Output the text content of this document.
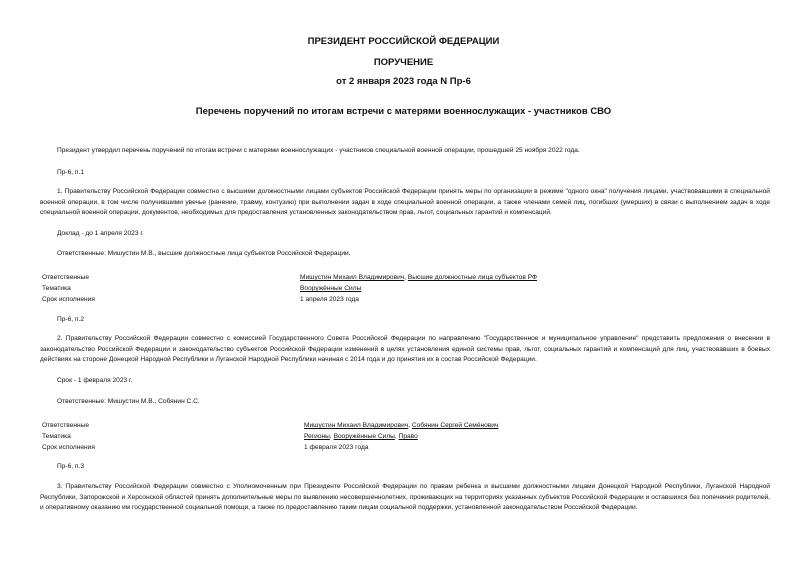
ПРЕЗИДЕНТ РОССИЙСКОЙ ФЕДЕРАЦИИ
ПОРУЧЕНИЕ
от 2 января 2023 года N Пр-6
Перечень поручений по итогам встречи с матерями военнослужащих - участников СВО
Президент утвердил перечень поручений по итогам встречи с матерями военнослужащих - участников специальной военной операции, прошедшей 25 ноября 2022 года.
Пр-6, п.1
1. Правительству Российской Федерации совместно с высшими должностными лицами субъектов Российской Федерации принять меры по организации в режиме "одного окна" получения лицами, участвовавшими в специальной военной операции, в том числе получившими увечье (ранение, травму, контузию) при выполнении задач в ходе специальной военной операции, а также членами семей лиц, погибших (умерших) в связи с выполнением задач в ходе специальной военной операции, документов, необходимых для предоставления установленных законодательством прав, льгот, социальных гарантий и компенсаций.
Доклад - до 1 апреля 2023 г.
Ответственные: Мишустин М.В., высшие должностные лица субъектов Российской Федерации.
Ответственные	Мишустин Михаил Владимирович, Высшие должностные лица субъектов РФ
Тематика	Вооружённые Силы
Срок исполнения	1 апреля 2023 года
Пр-6, п.2
2. Правительству Российской Федерации совместно с комиссией Государственного Совета Российской Федерации по направлению "Государственное и муниципальное управление" представить предложения о внесении в законодательство Российской Федерации и законодательство субъектов Российской Федерации изменений в целях установления единой системы прав, льгот, социальных гарантий и компенсаций для лиц, участвовавших в боевых действиях на стороне Донецкой Народной Республики и Луганской Народной Республики начиная с 2014 года и до принятия их в состав Российской Федерации.
Срок - 1 февраля 2023 г.
Ответственные: Мишустин М.В., Собянин С.С.
Ответственные	Мишустин Михаил Владимирович, Собянин Сергей Семёнович
Тематика	Регионы, Вооружённые Силы, Право
Срок исполнения	1 февраля 2023 года
Пр-6, п.3
3. Правительству Российской Федерации совместно с Уполномоченным при Президенте Российской Федерации по правам ребенка и высшими должностными лицами Донецкой Народной Республики, Луганской Народной Республики, Запорожской и Херсонской областей принять дополнительные меры по выявлению несовершеннолетних, проживающих на территориях указанных субъектов Российской Федерации и оставшихся без попечения родителей, и оперативному оказанию им государственной социальной помощи, а также по предоставлению таким лицам социальной поддержки, установленной законодательством Российской Федерации.
